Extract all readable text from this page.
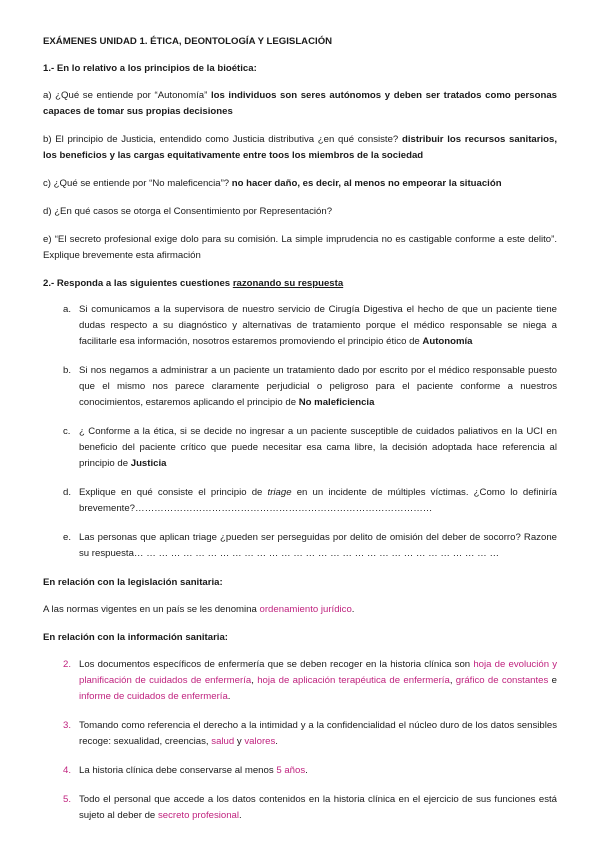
EXÁMENES UNIDAD 1. ÉTICA, DEONTOLOGÍA Y LEGISLACIÓN
1.- En lo relativo a los principios de la bioética:

a) ¿Qué se entiende por “Autonomía” los individuos son seres autónomos y deben ser tratados como personas capaces de tomar sus propias decisiones

b) El principio de Justicia, entendido como Justicia distributiva ¿en qué consiste? distribuir los recursos sanitarios, los beneficios y las cargas equitativamente entre toos los miembros de la sociedad

c) ¿Qué se entiende por “No maleficencia”? no hacer daño, es decir, al menos no empeorar la situación

d) ¿En qué casos se otorga el Consentimiento por Representación?

e) “El secreto profesional exige dolo para su comisión. La simple imprudencia no es castigable conforme a este delito”. Explique brevemente esta afirmación

2.- Responda a las siguientes cuestiones razonando su respuesta
a. Si comunicamos a la supervisora de nuestro servicio de Cirugía Digestiva el hecho de que un paciente tiene dudas respecto a su diagnóstico y alternativas de tratamiento porque el médico responsable se niega a facilitarle esa información, nosotros estaremos promoviendo el principio ético de Autonomía
b. Si nos negamos a administrar a un paciente un tratamiento dado por escrito por el médico responsable puesto que el mismo nos parece claramente perjudicial o peligroso para el paciente conforme a nuestros conocimientos, estaremos aplicando el principio de No maleficiencia
c. ¿ Conforme a la ética, si se decide no ingresar a un paciente susceptible de cuidados paliativos en la UCI en beneficio del paciente crítico que puede necesitar esa cama libre, la decisión adoptada hace referencia al principio de Justicia
d. Explique en qué consiste el principio de triage en un incidente de múltiples víctimas. ¿Como lo definiría brevemente?…………………………………………………………………………………
e. Las personas que aplican triage ¿pueden ser perseguidas por delito de omisión del deber de socorro? Razone su respuesta… … … … … … … … … … … … … … … … … … … … … … … … … … … … … …
En relación con la legislación sanitaria:

A las normas vigentes en un país se les denomina ordenamiento jurídico.

En relación con la información sanitaria:
2. Los documentos específicos de enfermería que se deben recoger en la historia clínica son hoja de evolución y planificación de cuidados de enfermería, hoja de aplicación terapéutica de enfermería, gráfico de constantes e informe de cuidados de enfermería.
3. Tomando como referencia el derecho a la intimidad y a la confidencialidad el núcleo duro de los datos sensibles recoge: sexualidad, creencias, salud y valores.
4. La historia clínica debe conservarse al menos 5 años.
5. Todo el personal que accede a los datos contenidos en la historia clínica en el ejercicio de sus funciones está sujeto al deber de secreto profesional.
